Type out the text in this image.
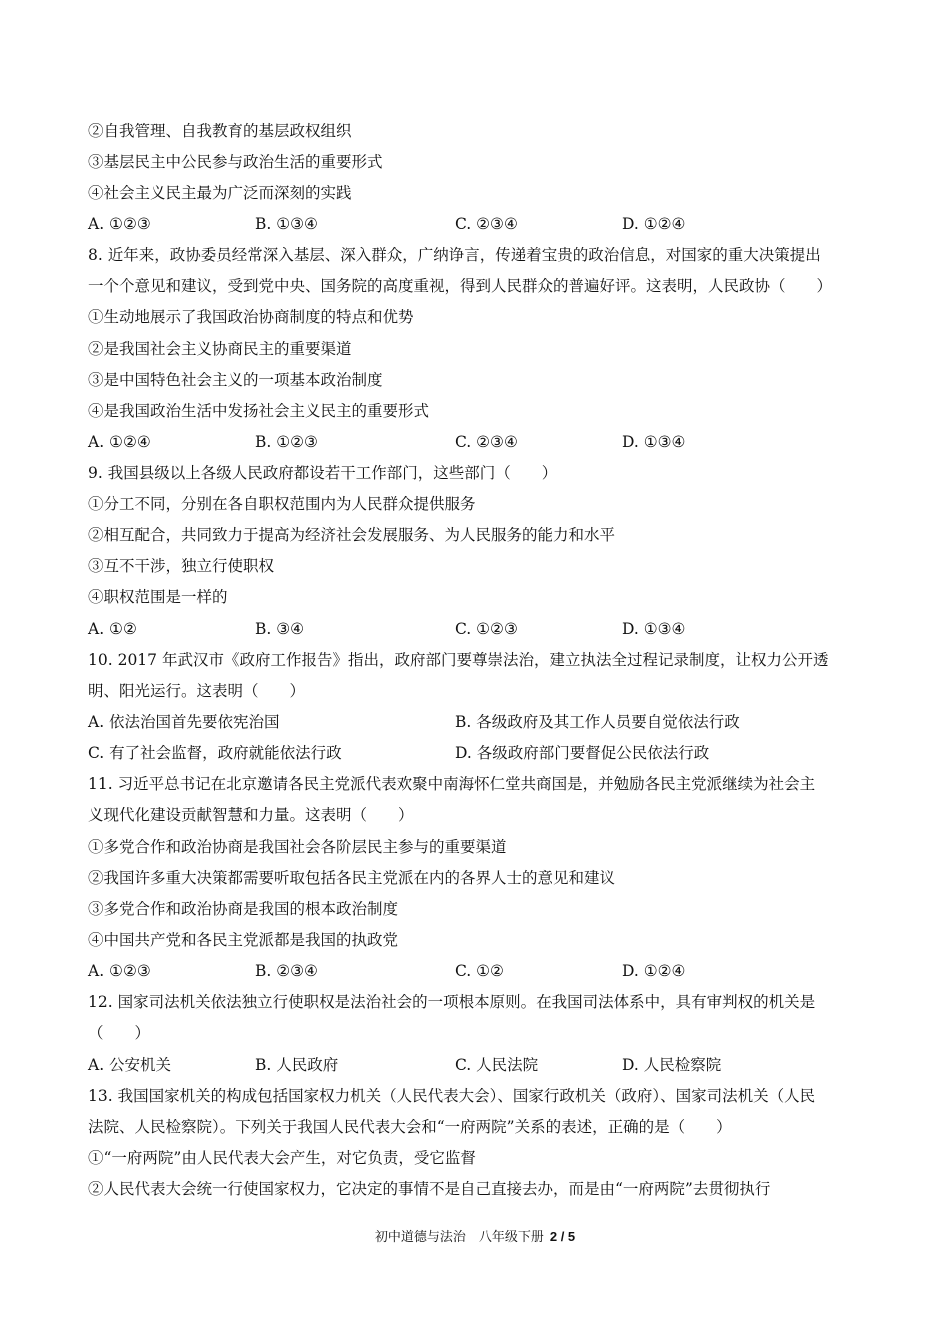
②自我管理、自我教育的基层政权组织
③基层民主中公民参与政治生活的重要形式
④社会主义民主最为广泛而深刻的实践
A. ①②③	B. ①③④	C. ②③④	D. ①②④
8. 近年来，政协委员经常深入基层、深入群众，广纳诤言，传递着宝贵的政治信息，对国家的重大决策提出
一个个意见和建议，受到党中央、国务院的高度重视，得到人民群众的普遍好评。这表明，人民政协（　　）
①生动地展示了我国政治协商制度的特点和优势
②是我国社会主义协商民主的重要渠道
③是中国特色社会主义的一项基本政治制度
④是我国政治生活中发扬社会主义民主的重要形式
A. ①②④	B. ①②③	C. ②③④	D. ①③④
9. 我国县级以上各级人民政府都设若干工作部门，这些部门（　　）
①分工不同，分别在各自职权范围内为人民群众提供服务
②相互配合，共同致力于提高为经济社会发展服务、为人民服务的能力和水平
③互不干涉，独立行使职权
④职权范围是一样的
A. ①②	B. ③④	C. ①②③	D. ①③④
10. 2017 年武汉市《政府工作报告》指出，政府部门要尊崇法治，建立执法全过程记录制度，让权力公开透
明、阳光运行。这表明（　　）
A. 依法治国首先要依宪治国	B. 各级政府及其工作人员要自觉依法行政
C. 有了社会监督，政府就能依法行政	D. 各级政府部门要督促公民依法行政
11. 习近平总书记在北京邀请各民主党派代表欢聚中南海怀仁堂共商国是，并勉励各民主党派继续为社会主
义现代化建设贡献智慧和力量。这表明（　　）
①多党合作和政治协商是我国社会各阶层民主参与的重要渠道
②我国许多重大决策都需要听取包括各民主党派在内的各界人士的意见和建议
③多党合作和政治协商是我国的根本政治制度
④中国共产党和各民主党派都是我国的执政党
A. ①②③	B. ②③④	C. ①②	D. ①②④
12. 国家司法机关依法独立行使职权是法治社会的一项根本原则。在我国司法体系中，具有审判权的机关是
（　　）
A. 公安机关	B. 人民政府	C. 人民法院	D. 人民检察院
13. 我国国家机关的构成包括国家权力机关（人民代表大会）、国家行政机关（政府）、国家司法机关（人民
法院、人民检察院）。下列关于我国人民代表大会和“一府两院”关系的表述，正确的是（　　）
①“一府两院”由人民代表大会产生，对它负责，受它监督
②人民代表大会统一行使国家权力，它决定的事情不是自己直接去办，而是由“一府两院”去贯彻执行
初中道德与法治　八年级下册 2 / 5
